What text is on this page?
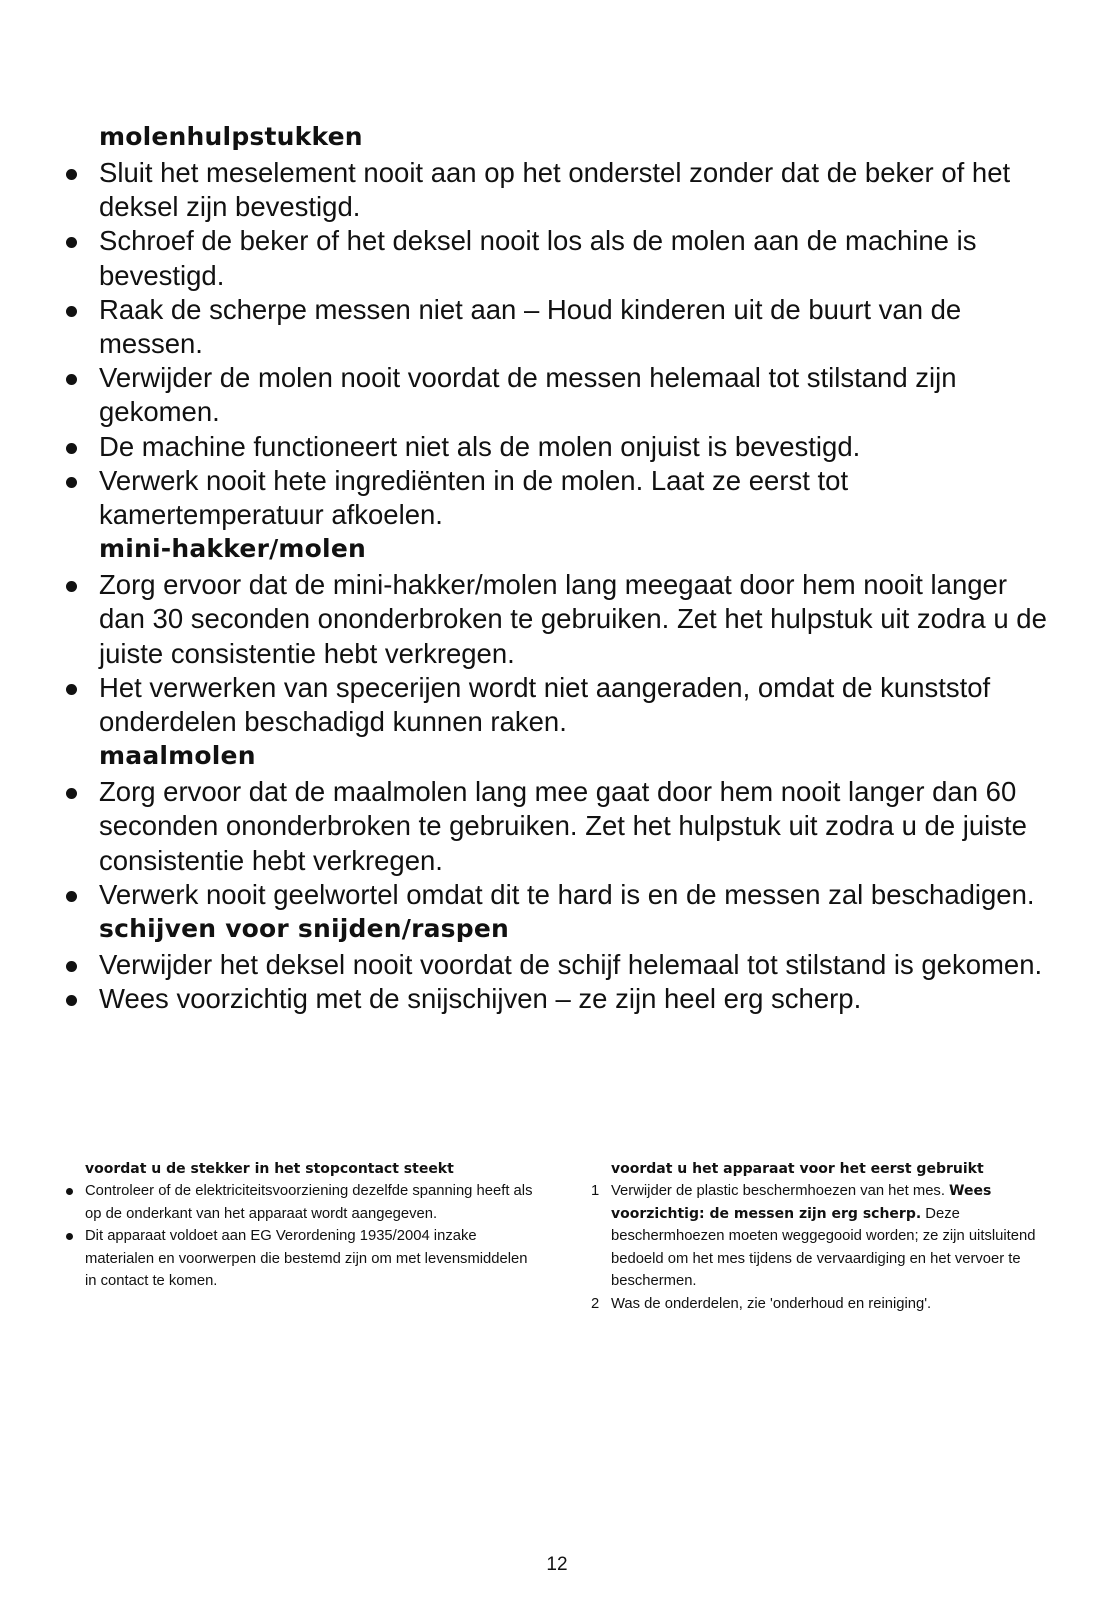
molenhulpstukken
Sluit het meselement nooit aan op het onderstel zonder dat de beker of het deksel zijn bevestigd.
Schroef de beker of het deksel nooit los als de molen aan de machine is bevestigd.
Raak de scherpe messen niet aan – Houd kinderen uit de buurt van de messen.
Verwijder de molen nooit voordat de messen helemaal tot stilstand zijn gekomen.
De machine functioneert niet als de molen onjuist is bevestigd.
Verwerk nooit hete ingrediënten in de molen. Laat ze eerst tot kamertemperatuur afkoelen.
mini-hakker/molen
Zorg ervoor dat de mini-hakker/molen lang meegaat door hem nooit langer dan 30 seconden ononderbroken te gebruiken. Zet het hulpstuk uit zodra u de juiste consistentie hebt verkregen.
Het verwerken van specerijen wordt niet aangeraden, omdat de kunststof onderdelen beschadigd kunnen raken.
maalmolen
Zorg ervoor dat de maalmolen lang mee gaat door hem nooit langer dan 60 seconden ononderbroken te gebruiken. Zet het hulpstuk uit zodra u de juiste consistentie hebt verkregen.
Verwerk nooit geelwortel omdat dit te hard is en de messen zal beschadigen.
schijven voor snijden/raspen
Verwijder het deksel nooit voordat de schijf helemaal tot stilstand is gekomen.
Wees voorzichtig met de snijschijven – ze zijn heel erg scherp.
voordat u de stekker in het stopcontact steekt
Controleer of de elektriciteitsvoorziening dezelfde spanning heeft als op de onderkant van het apparaat wordt aangegeven.
Dit apparaat voldoet aan EG Verordening 1935/2004 inzake materialen en voorwerpen die bestemd zijn om met levensmiddelen in contact te komen.
voordat u het apparaat voor het eerst gebruikt
1 Verwijder de plastic beschermhoezen van het mes. Wees voorzichtig: de messen zijn erg scherp. Deze beschermhoezen moeten weggegooid worden; ze zijn uitsluitend bedoeld om het mes tijdens de vervaardiging en het vervoer te beschermen.
2 Was de onderdelen, zie 'onderhoud en reiniging'.
12
